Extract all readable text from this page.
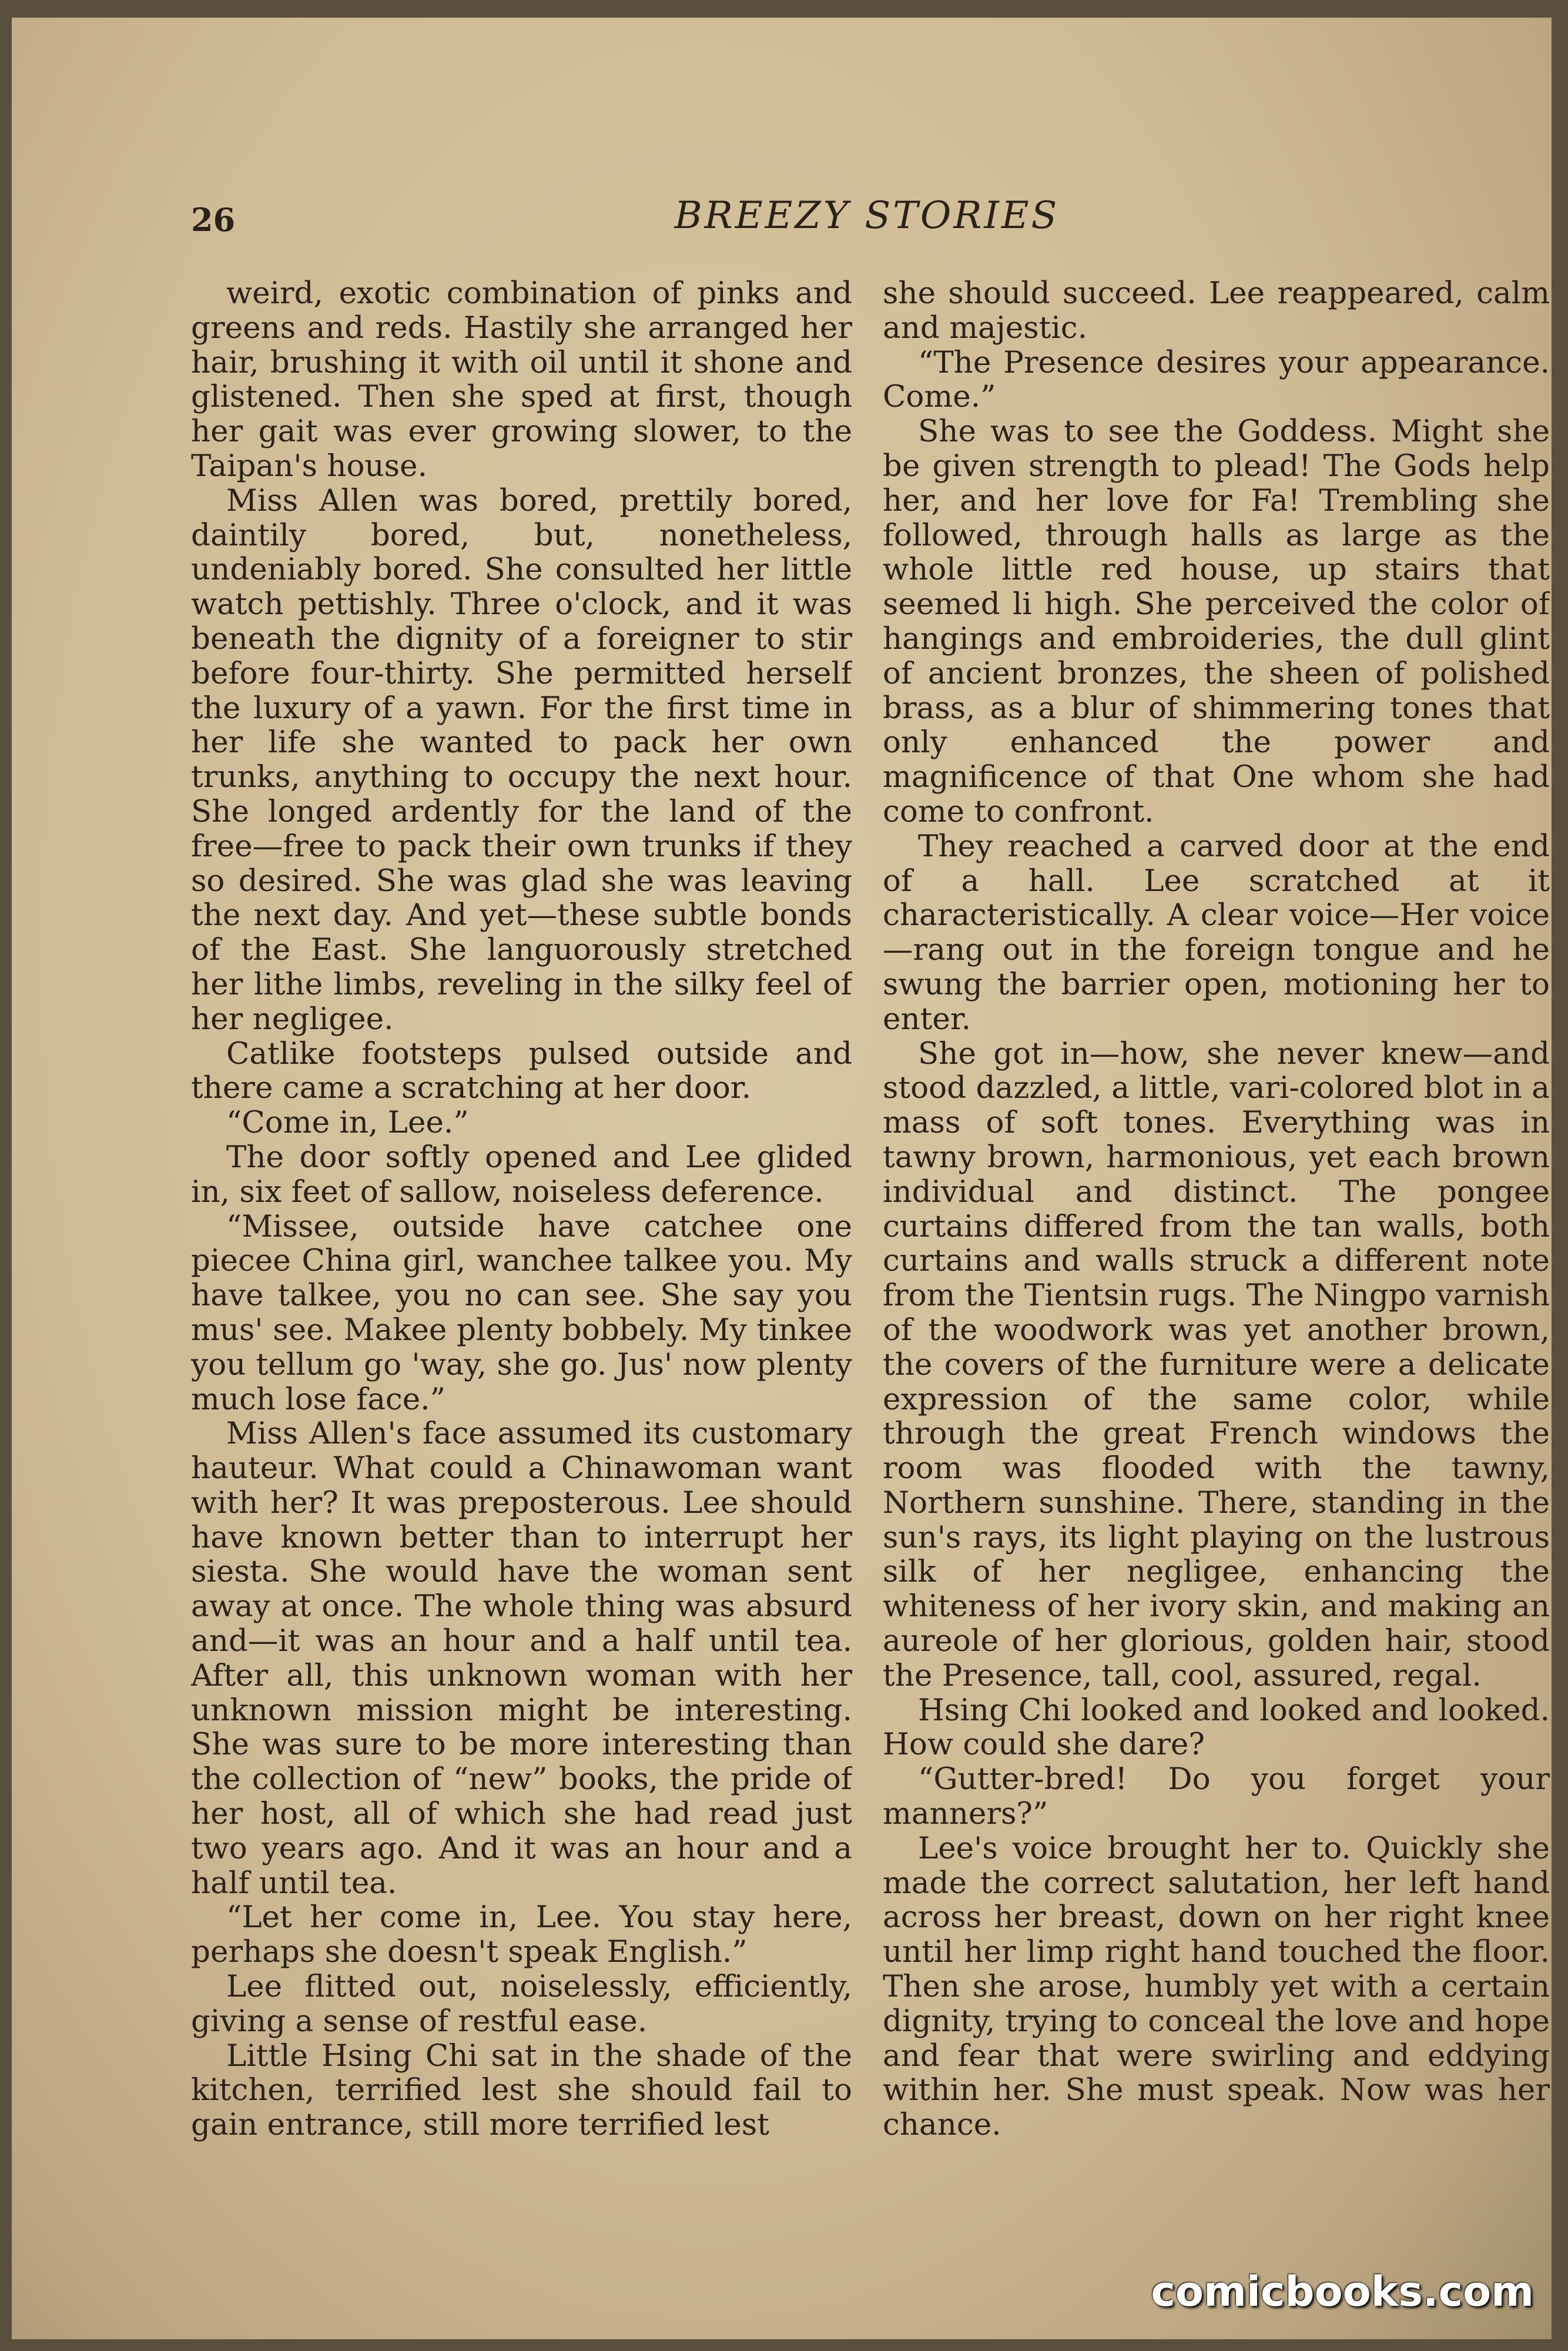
26	BREEZY STORIES

weird, exotic combination of pinks and greens and reds. Hastily she arranged her hair, brushing it with oil until it shone and glistened. Then she sped at first, though her gait was ever growing slower, to the Taipan's house.

Miss Allen was bored, prettily bored, daintily bored, but, nonetheless, undeniably bored. She consulted her little watch pettishly. Three o'clock, and it was beneath the dignity of a foreigner to stir before four-thirty. She permitted herself the luxury of a yawn. For the first time in her life she wanted to pack her own trunks, anything to occupy the next hour. She longed ardently for the land of the free—free to pack their own trunks if they so desired. She was glad she was leaving the next day. And yet—these subtle bonds of the East. She languorously stretched her lithe limbs, reveling in the silky feel of her negligee.

Catlike footsteps pulsed outside and there came a scratching at her door.

“Come in, Lee.”

The door softly opened and Lee glided in, six feet of sallow, noiseless deference.

“Missee, outside have catchee one piecee China girl, wanchee talkee you. My have talkee, you no can see. She say you mus' see. Makee plenty bobbely. My tinkee you tellum go 'way, she go. Jus' now plenty much lose face.”

Miss Allen's face assumed its customary hauteur. What could a Chinawoman want with her? It was preposterous. Lee should have known better than to interrupt her siesta. She would have the woman sent away at once. The whole thing was absurd and—it was an hour and a half until tea. After all, this unknown woman with her unknown mission might be interesting. She was sure to be more interesting than the collection of “new” books, the pride of her host, all of which she had read just two years ago. And it was an hour and a half until tea.

“Let her come in, Lee. You stay here, perhaps she doesn't speak English.”

Lee flitted out, noiselessly, efficiently, giving a sense of restful ease.

Little Hsing Chi sat in the shade of the kitchen, terrified lest she should fail to gain entrance, still more terrified lest

she should succeed. Lee reappeared, calm and majestic.

“The Presence desires your appearance. Come.”

She was to see the Goddess. Might she be given strength to plead! The Gods help her, and her love for Fa! Trembling she followed, through halls as large as the whole little red house, up stairs that seemed li high. She perceived the color of hangings and embroideries, the dull glint of ancient bronzes, the sheen of polished brass, as a blur of shimmering tones that only enhanced the power and magnificence of that One whom she had come to confront.

They reached a carved door at the end of a hall. Lee scratched at it characteristically. A clear voice—Her voice—rang out in the foreign tongue and he swung the barrier open, motioning her to enter.

She got in—how, she never knew—and stood dazzled, a little, vari-colored blot in a mass of soft tones. Everything was in tawny brown, harmonious, yet each brown individual and distinct. The pongee curtains differed from the tan walls, both curtains and walls struck a different note from the Tientsin rugs. The Ningpo varnish of the woodwork was yet another brown, the covers of the furniture were a delicate expression of the same color, while through the great French windows the room was flooded with the tawny, Northern sunshine. There, standing in the sun's rays, its light playing on the lustrous silk of her negligee, enhancing the whiteness of her ivory skin, and making an aureole of her glorious, golden hair, stood the Presence, tall, cool, assured, regal.

Hsing Chi looked and looked and looked. How could she dare?

“Gutter-bred! Do you forget your manners?”

Lee's voice brought her to. Quickly she made the correct salutation, her left hand across her breast, down on her right knee until her limp right hand touched the floor. Then she arose, humbly yet with a certain dignity, trying to conceal the love and hope and fear that were swirling and eddying within her. She must speak. Now was her chance.

comicbooks.com
